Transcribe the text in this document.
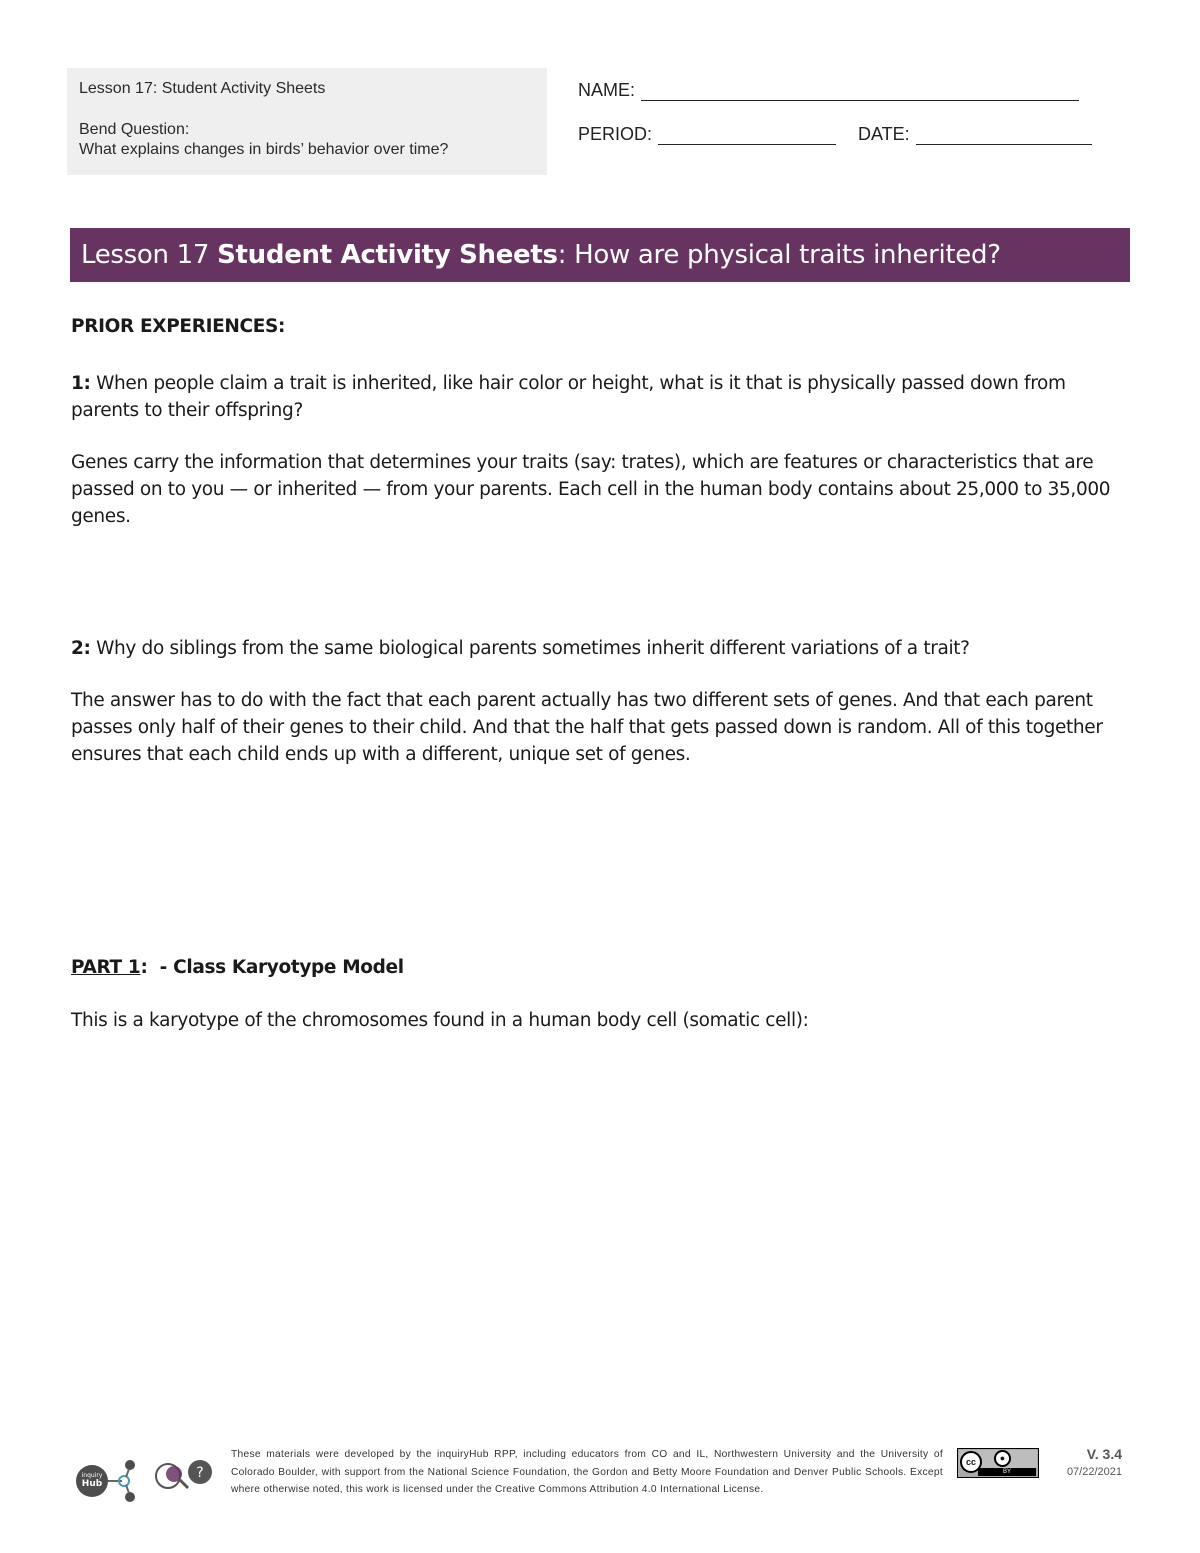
Lesson 17: Student Activity Sheets
Bend Question:
What explains changes in birds’ behavior over time?
NAME:
PERIOD:	DATE:
Lesson 17 Student Activity Sheets: How are physical traits inherited?

PRIOR EXPERIENCES:

1: When people claim a trait is inherited, like hair color or height, what is it that is physically passed down from parents to their offspring?

Genes carry the information that determines your traits (say: trates), which are features or characteristics that are passed on to you — or inherited — from your parents. Each cell in the human body contains about 25,000 to 35,000 genes.

2: Why do siblings from the same biological parents sometimes inherit different variations of a trait?

The answer has to do with the fact that each parent actually has two different sets of genes. And that each parent passes only half of their genes to their child. And that the half that gets passed down is random. All of this together ensures that each child ends up with a different, unique set of genes.

PART 1:  - Class Karyotype Model

This is a karyotype of the chromosomes found in a human body cell (somatic cell):

inquiry
Hub
?
These materials were developed by the inquiryHub RPP, including educators from CO and IL, Northwestern University and the University of Colorado Boulder, with support from the National Science Foundation, the Gordon and Betty Moore Foundation and Denver Public Schools. Except where otherwise noted, this work is licensed under the Creative Commons Attribution 4.0 International License.
cc	●
BY
V. 3.4
07/22/2021
